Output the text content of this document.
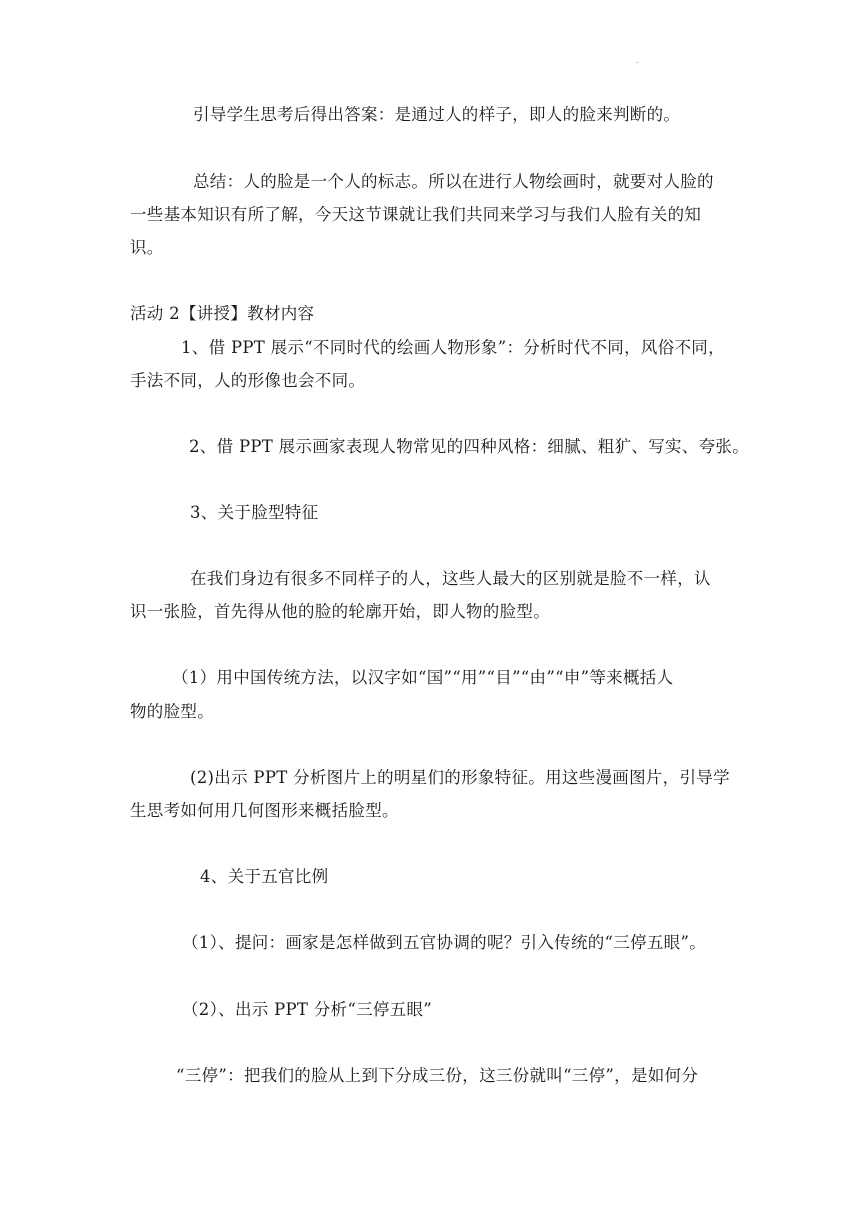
.
引导学生思考后得出答案：是通过人的样子，即人的脸来判断的。
总结：人的脸是一个人的标志。所以在进行人物绘画时，就要对人脸的
一些基本知识有所了解，今天这节课就让我们共同来学习与我们人脸有关的知
识。
活动 2【讲授】教材内容
1、借 PPT 展示“不同时代的绘画人物形象”：分析时代不同，风俗不同，
手法不同，人的形像也会不同。
2、借 PPT 展示画家表现人物常见的四种风格：细腻、粗犷、写实、夸张。
3、关于脸型特征
在我们身边有很多不同样子的人，这些人最大的区别就是脸不一样，认
识一张脸，首先得从他的脸的轮廓开始，即人物的脸型。
（1）用中国传统方法，以汉字如“国”“用”“目”“由”“申”等来概括人
物的脸型。
(2)出示 PPT 分析图片上的明星们的形象特征。用这些漫画图片，引导学
生思考如何用几何图形来概括脸型。
4、关于五官比例
（1）、提问：画家是怎样做到五官协调的呢？引入传统的“三停五眼”。
（2）、出示 PPT 分析“三停五眼”
“三停”：把我们的脸从上到下分成三份，这三份就叫“三停”，是如何分
